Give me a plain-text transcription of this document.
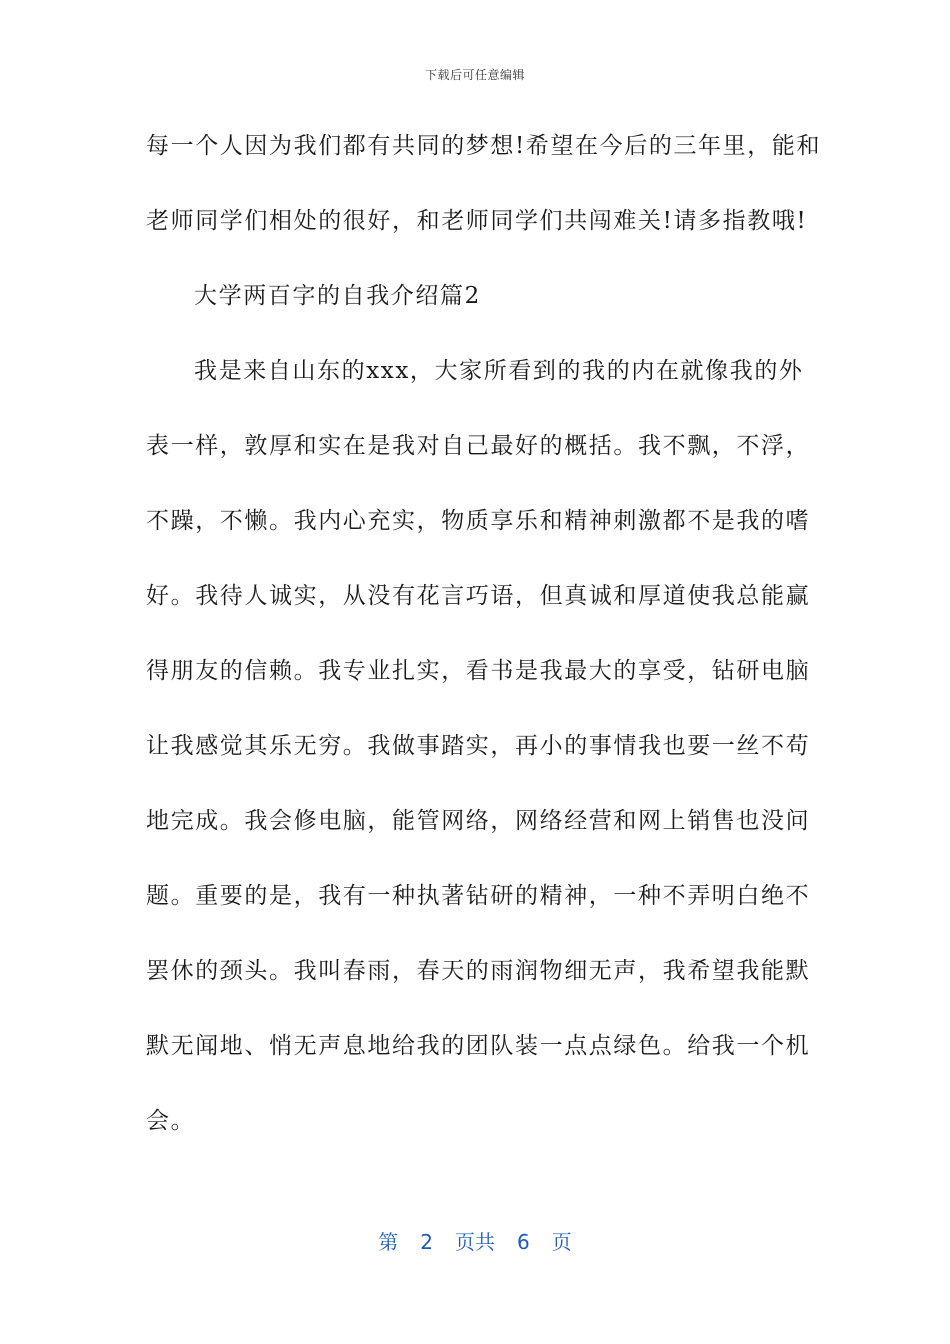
下载后可任意编辑
每一个人因为我们都有共同的梦想!希望在今后的三年里，能和
老师同学们相处的很好，和老师同学们共闯难关!请多指教哦!
大学两百字的自我介绍篇2
我是来自山东的xxx，大家所看到的我的内在就像我的外
表一样，敦厚和实在是我对自己最好的概括。我不飘，不浮，
不躁，不懒。我内心充实，物质享乐和精神刺激都不是我的嗜
好。我待人诚实，从没有花言巧语，但真诚和厚道使我总能赢
得朋友的信赖。我专业扎实，看书是我最大的享受，钻研电脑
让我感觉其乐无穷。我做事踏实，再小的事情我也要一丝不苟
地完成。我会修电脑，能管网络，网络经营和网上销售也没问
题。重要的是，我有一种执著钻研的精神，一种不弄明白绝不
罢休的颈头。我叫春雨，春天的雨润物细无声，我希望我能默
默无闻地、悄无声息地给我的团队装一点点绿色。给我一个机
会。
第 2 页共 6 页
